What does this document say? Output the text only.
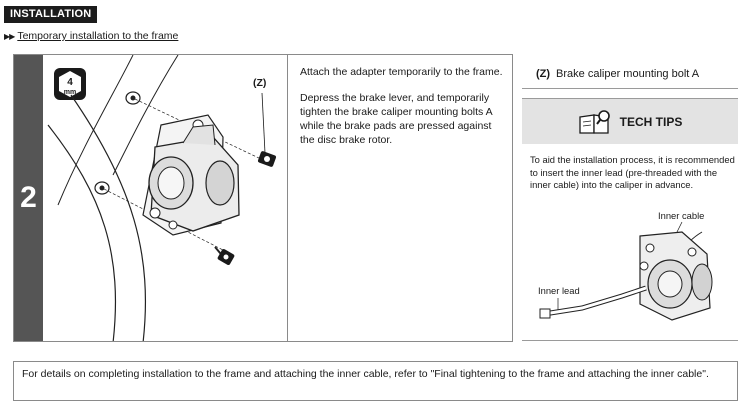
INSTALLATION
▶▶ Temporary installation to the frame
2
4
mm
(Z)

Attach the adapter temporarily to the frame.

Depress the brake lever, and temporarily tighten the brake caliper mounting bolts A while the brake pads are pressed against the disc brake rotor.

(Z) Brake caliper mounting bolt A
TECH TIPS
To aid the installation process, it is recommended to insert the inner lead (pre-threaded with the inner cable) into the caliper in advance.
Inner cable
Inner lead
For details on completing installation to the frame and attaching the inner cable, refer to "Final tightening to the frame and attaching the inner cable".
